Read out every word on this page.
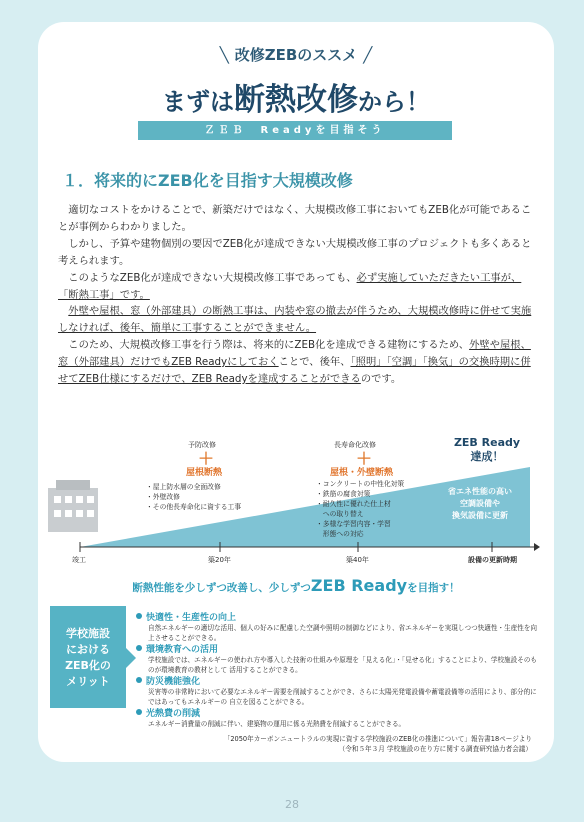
╲ 改修ZEBのススメ ╱
まずは断熱改修から！
ＺＥＢ　Readyを目指そう
１．将来的にZEB化を目指す大規模改修

適切なコストをかけることで、新築だけではなく、大規模改修工事においてもZEB化が可能であることが事例からわかりました。

しかし、予算や建物個別の要因でZEB化が達成できない大規模改修工事のプロジェクトも多くあると考えられます。

このようなZEB化が達成できない大規模改修工事であっても、必ず実施していただきたい工事が、「断熱工事」です。

外壁や屋根、窓（外部建具）の断熱工事は、内装や窓の撤去が伴うため、大規模改修時に併せて実施しなければ、後年、簡単に工事することができません。

このため、大規模改修工事を行う際は、将来的にZEB化を達成できる建物にするため、外壁や屋根、窓（外部建具）だけでもZEB Readyにしておくことで、後年、「照明」「空調」「換気」の交換時期に併せてZEB仕様にするだけで、ZEB Readyを達成することができるのです。

予防改修
＋
屋根断熱
・屋上防水層の全面改修
・外壁改修
・その他長寿命化に資する工事
長寿命化改修
＋
屋根・外壁断熱
・コンクリートの中性化対策
・鉄筋の腐食対策
・耐久性に優れた仕上材
　への取り替え
・多様な学習内容・学習
　形態への対応
ZEB Ready
達成！
省エネ性能の高い
空調設備や
換気設備に更新
竣工	築20年	築40年	設備の更新時期
断熱性能を少しずつ改善し、少しずつZEB Readyを目指す！
学校施設
における
ZEB化の
メリット
快適性・生産性の向上
自然エネルギーの適切な活用、個人の好みに配慮した空調や照明の制御などにより、省エネルギーを実現しつつ快適性・生産性を向上させることができる。
環境教育への活用
学校施設では、エネルギーの使われ方や導入した技術の仕組みや原理を「見える化」・「見せる化」することにより、学校施設そのものが環境教育の教材として 活用することができる。
防災機能強化
災害等の非常時において必要なエネルギー需要を削減することができ、さらに太陽光発電設備や蓄電設備等の活用により、部分的にではあってもエネルギーの 自立を図ることができる。
光熱費の削減
エネルギー消費量の削減に伴い、建築物の運用に係る光熱費を削減することができる。
「2050年カーボンニュートラルの実現に資する学校施設のZEB化の推進について」報告書18ページより
（令和５年３月 学校施設の在り方に関する調査研究協力者会議）
28
